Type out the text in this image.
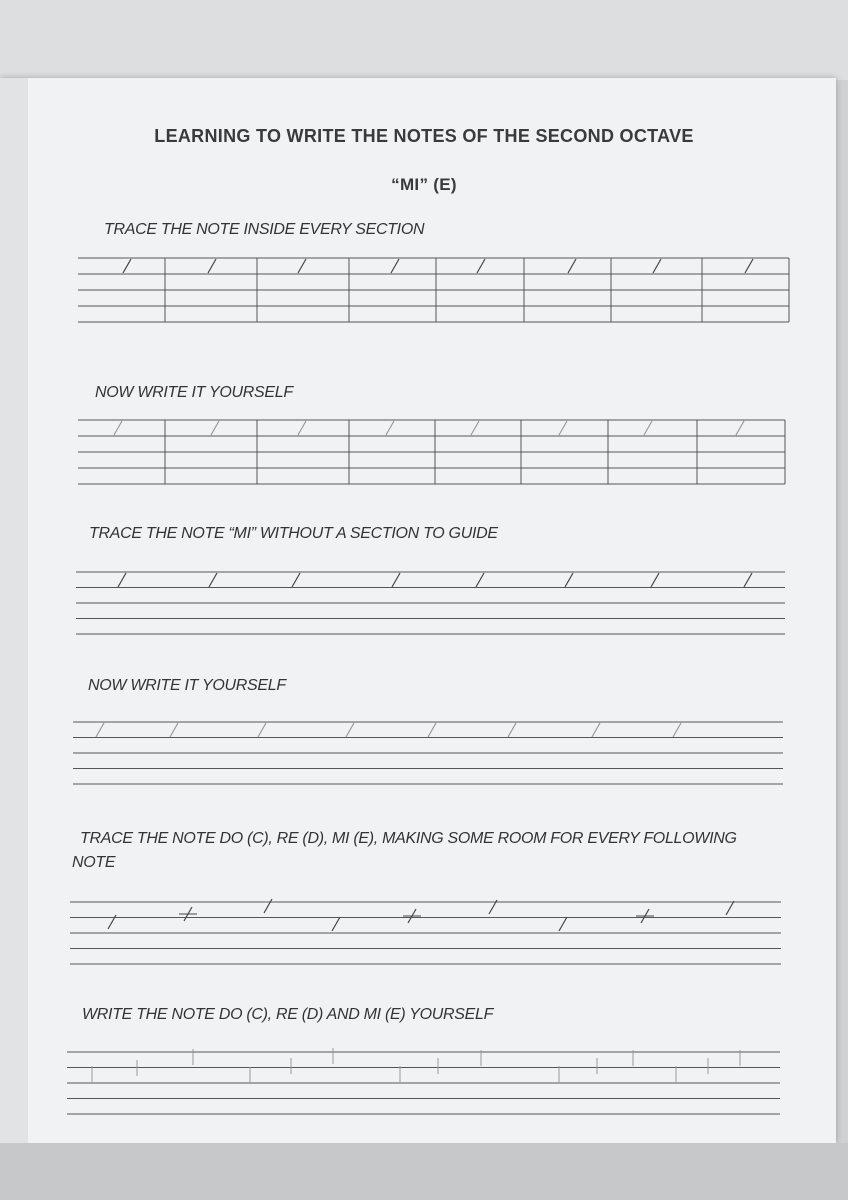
LEARNING TO WRITE THE NOTES OF THE SECOND OCTAVE
“MI” (E)
TRACE THE NOTE INSIDE EVERY SECTION
NOW WRITE IT YOURSELF
TRACE THE NOTE “MI” WITHOUT A SECTION TO GUIDE
NOW WRITE IT YOURSELF
TRACE THE NOTE DO (C), RE (D), MI (E), MAKING SOME ROOM FOR EVERY FOLLOWING
NOTE
WRITE THE NOTE DO (C), RE (D) AND MI (E) YOURSELF
